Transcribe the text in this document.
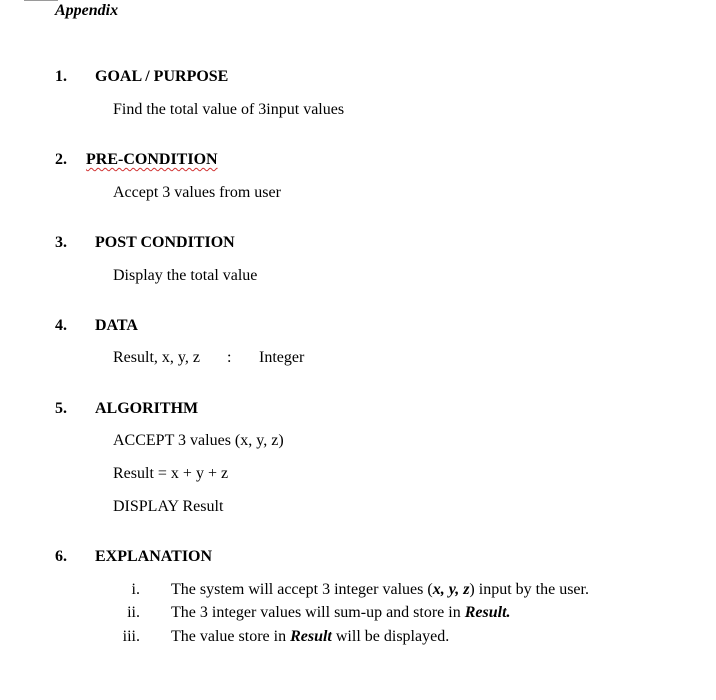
Appendix
1. GOAL / PURPOSE
Find the total value of 3input values
2. PRE-CONDITION
Accept 3 values from user
3. POST CONDITION
Display the total value
4. DATA
Result, x, y, z : Integer
5. ALGORITHM
ACCEPT 3 values (x, y, z)
Result = x + y + z
DISPLAY Result
6. EXPLANATION
i. The system will accept 3 integer values (x, y, z) input by the user.
ii. The 3 integer values will sum-up and store in Result.
iii. The value store in Result will be displayed.
